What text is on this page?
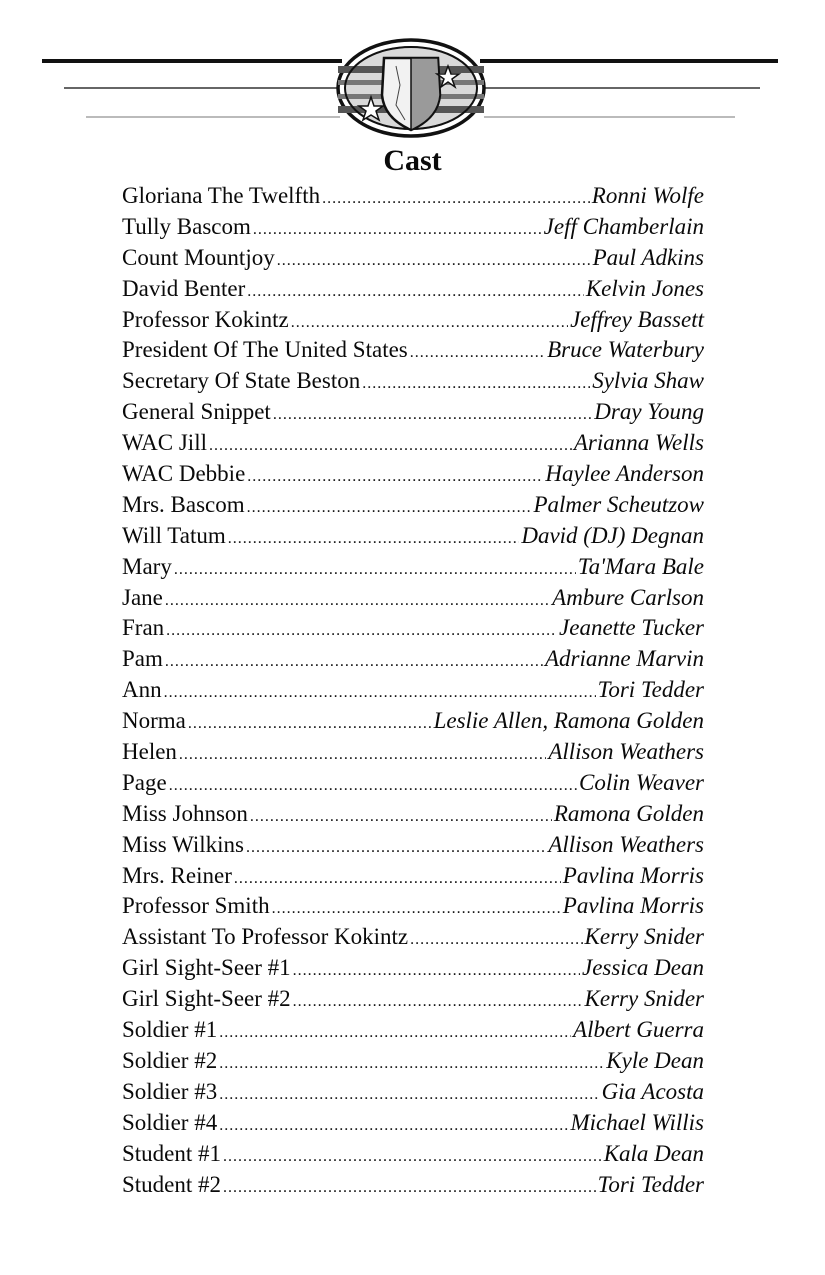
Cast
Gloriana The Twelfth .....	Ronni Wolfe
Tully Bascom .....	Jeff Chamberlain
Count Mountjoy .....	Paul Adkins
David Benter .....	Kelvin Jones
Professor Kokintz .....	Jeffrey Bassett
President Of The United States .....	Bruce Waterbury
Secretary Of State Beston .....	Sylvia Shaw
General Snippet .....	Dray Young
WAC Jill .....	Arianna Wells
WAC Debbie .....	Haylee Anderson
Mrs. Bascom .....	Palmer Scheutzow
Will Tatum .....	David (DJ) Degnan
Mary .....	Ta'Mara Bale
Jane .....	Ambure Carlson
Fran .....	Jeanette Tucker
Pam .....	Adrianne Marvin
Ann .....	Tori Tedder
Norma .....	Leslie Allen, Ramona Golden
Helen .....	Allison Weathers
Page .....	Colin Weaver
Miss Johnson .....	Ramona Golden
Miss Wilkins .....	Allison Weathers
Mrs. Reiner .....	Pavlina Morris
Professor Smith .....	Pavlina Morris
Assistant To Professor Kokintz .....	Kerry Snider
Girl Sight-Seer #1 .....	Jessica Dean
Girl Sight-Seer #2 .....	Kerry Snider
Soldier #1 .....	Albert Guerra
Soldier #2 .....	Kyle Dean
Soldier #3 .....	Gia Acosta
Soldier #4 .....	Michael Willis
Student #1 .....	Kala Dean
Student #2 .....	Tori Tedder
